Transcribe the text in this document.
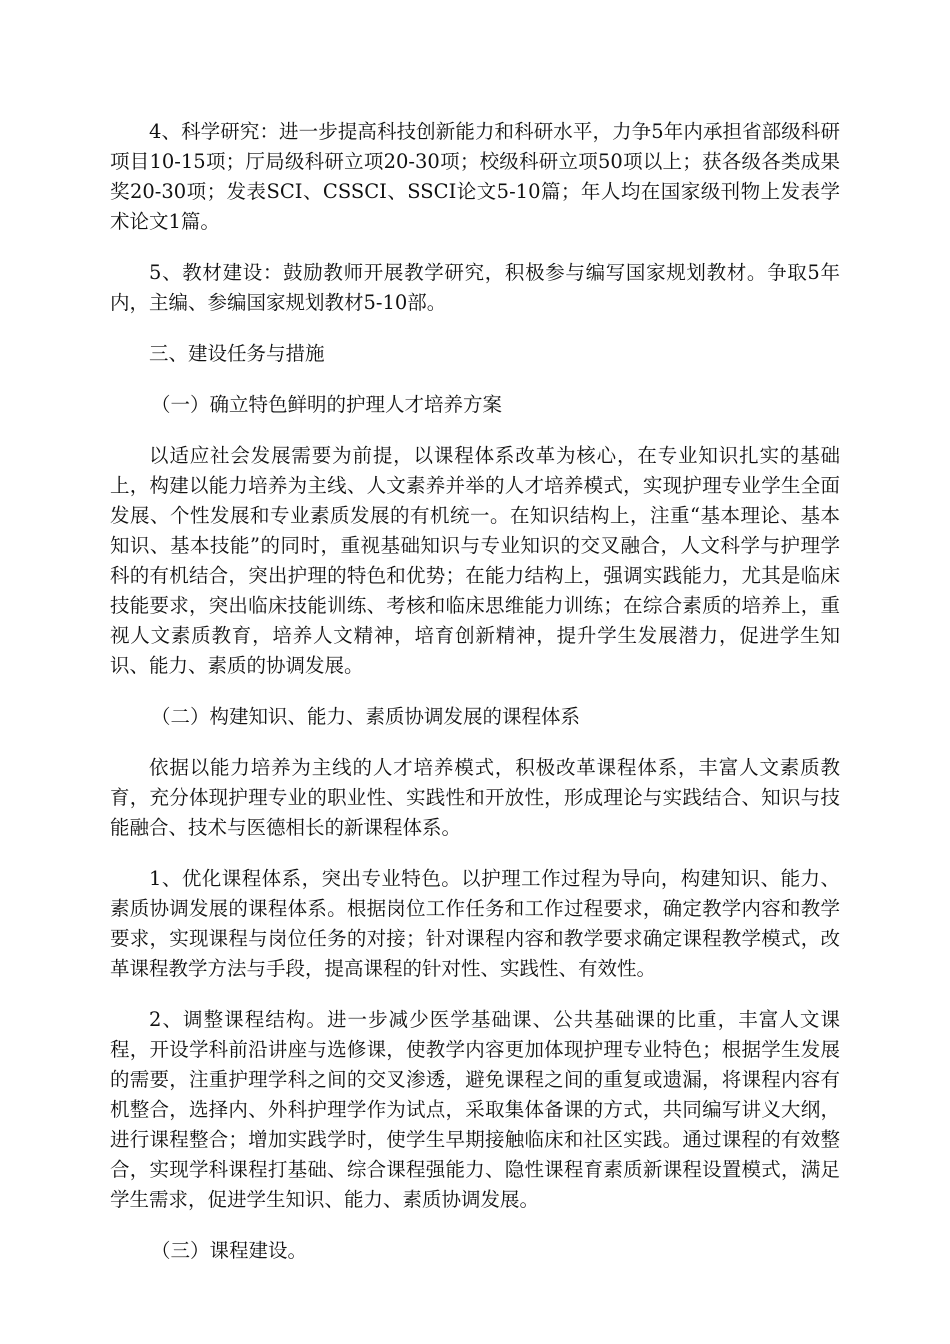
4、科学研究：进一步提高科技创新能力和科研水平，力争5年内承担省部级科研项目10-15项；厅局级科研立项20-30项；校级科研立项50项以上；获各级各类成果奖20-30项；发表SCI、CSSCI、SSCI论文5-10篇；年人均在国家级刊物上发表学术论文1篇。

5、教材建设：鼓励教师开展教学研究，积极参与编写国家规划教材。争取5年内，主编、参编国家规划教材5-10部。

三、建设任务与措施

（一）确立特色鲜明的护理人才培养方案

以适应社会发展需要为前提，以课程体系改革为核心，在专业知识扎实的基础上，构建以能力培养为主线、人文素养并举的人才培养模式，实现护理专业学生全面发展、个性发展和专业素质发展的有机统一。在知识结构上，注重“基本理论、基本知识、基本技能”的同时，重视基础知识与专业知识的交叉融合，人文科学与护理学科的有机结合，突出护理的特色和优势；在能力结构上，强调实践能力，尤其是临床技能要求，突出临床技能训练、考核和临床思维能力训练；在综合素质的培养上，重视人文素质教育，培养人文精神，培育创新精神，提升学生发展潜力，促进学生知识、能力、素质的协调发展。

（二）构建知识、能力、素质协调发展的课程体系

依据以能力培养为主线的人才培养模式，积极改革课程体系，丰富人文素质教育，充分体现护理专业的职业性、实践性和开放性，形成理论与实践结合、知识与技能融合、技术与医德相长的新课程体系。

1、优化课程体系，突出专业特色。以护理工作过程为导向，构建知识、能力、素质协调发展的课程体系。根据岗位工作任务和工作过程要求，确定教学内容和教学要求，实现课程与岗位任务的对接；针对课程内容和教学要求确定课程教学模式，改革课程教学方法与手段，提高课程的针对性、实践性、有效性。

2、调整课程结构。进一步减少医学基础课、公共基础课的比重，丰富人文课程，开设学科前沿讲座与选修课，使教学内容更加体现护理专业特色；根据学生发展的需要，注重护理学科之间的交叉渗透，避免课程之间的重复或遗漏，将课程内容有机整合，选择内、外科护理学作为试点，采取集体备课的方式，共同编写讲义大纲，进行课程整合；增加实践学时，使学生早期接触临床和社区实践。通过课程的有效整合，实现学科课程打基础、综合课程强能力、隐性课程育素质新课程设置模式，满足学生需求，促进学生知识、能力、素质协调发展。

（三）课程建设。
